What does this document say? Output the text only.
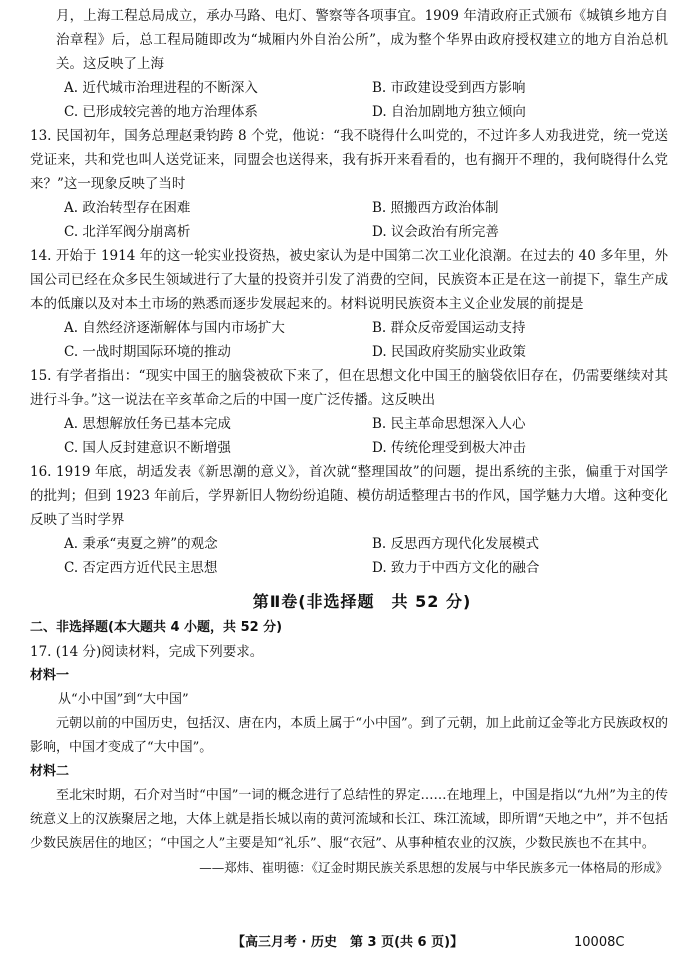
月，上海工程总局成立，承办马路、电灯、警察等各项事宜。1909 年清政府正式颁布《城镇乡地方自治章程》后，总工程局随即改为“城厢内外自治公所”，成为整个华界由政府授权建立的地方自治总机关。这反映了上海

A. 近代城市治理进程的不断深入	B. 市政建设受到西方影响
C. 已形成较完善的地方治理体系	D. 自治加剧地方独立倾向

13. 民国初年，国务总理赵秉钧跨 8 个党，他说：“我不晓得什么叫党的，不过许多人劝我进党，统一党送党证来，共和党也叫人送党证来，同盟会也送得来，我有拆开来看看的，也有搁开不理的，我何晓得什么党来？”这一现象反映了当时

A. 政治转型存在困难	B. 照搬西方政治体制
C. 北洋军阀分崩离析	D. 议会政治有所完善

14. 开始于 1914 年的这一轮实业投资热，被史家认为是中国第二次工业化浪潮。在过去的 40 多年里，外国公司已经在众多民生领域进行了大量的投资并引发了消费的空间，民族资本正是在这一前提下，靠生产成本的低廉以及对本土市场的熟悉而逐步发展起来的。材料说明民族资本主义企业发展的前提是

A. 自然经济逐渐解体与国内市场扩大	B. 群众反帝爱国运动支持
C. 一战时期国际环境的推动	D. 民国政府奖励实业政策

15. 有学者指出：“现实中国王的脑袋被砍下来了，但在思想文化中国王的脑袋依旧存在，仍需要继续对其进行斗争。”这一说法在辛亥革命之后的中国一度广泛传播。这反映出

A. 思想解放任务已基本完成	B. 民主革命思想深入人心
C. 国人反封建意识不断增强	D. 传统伦理受到极大冲击

16. 1919 年底，胡适发表《新思潮的意义》，首次就“整理国故”的问题，提出系统的主张，偏重于对国学的批判；但到 1923 年前后，学界新旧人物纷纷追随、模仿胡适整理古书的作风，国学魅力大增。这种变化反映了当时学界

A. 秉承“夷夏之辨”的观念	B. 反思西方现代化发展模式
C. 否定西方近代民主思想	D. 致力于中西方文化的融合

第Ⅱ卷(非选择题　共 52 分)

二、非选择题(本大题共 4 小题，共 52 分)

17. (14 分)阅读材料，完成下列要求。

材料一

从“小中国”到“大中国”

元朝以前的中国历史，包括汉、唐在内，本质上属于“小中国”。到了元朝，加上此前辽金等北方民族政权的影响，中国才变成了“大中国”。

材料二

至北宋时期，石介对当时“中国”一词的概念进行了总结性的界定……在地理上，中国是指以“九州”为主的传统意义上的汉族聚居之地，大体上就是指长城以南的黄河流域和长江、珠江流域，即所谓“天地之中”，并不包括少数民族居住的地区；“中国之人”主要是知“礼乐”、服“衣冠”、从事种植农业的汉族，少数民族也不在其中。

——郑炜、崔明德：《辽金时期民族关系思想的发展与中华民族多元一体格局的形成》

【高三月考 · 历史　第 3 页(共 6 页)】	10008C
